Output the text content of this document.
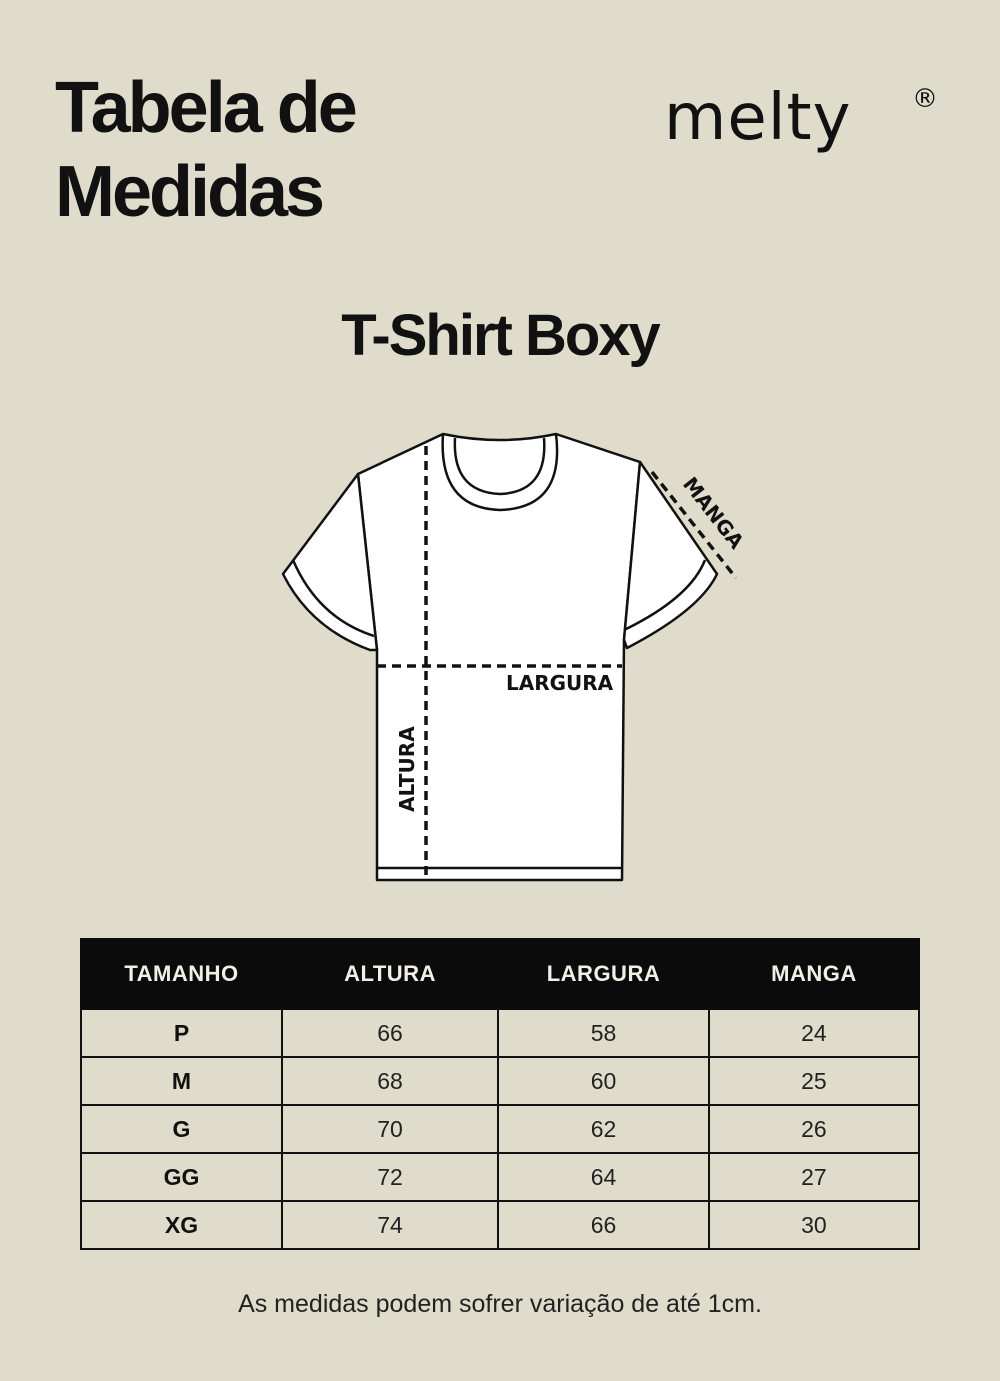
Tabela de
Medidas
melty ®
T-Shirt Boxy
LARGURA
ALTURA
MANGA
TAMANHO	ALTURA	LARGURA	MANGA
P	66	58	24
M	68	60	25
G	70	62	26
GG	72	64	27
XG	74	66	30
As medidas podem sofrer variação de até 1cm.
